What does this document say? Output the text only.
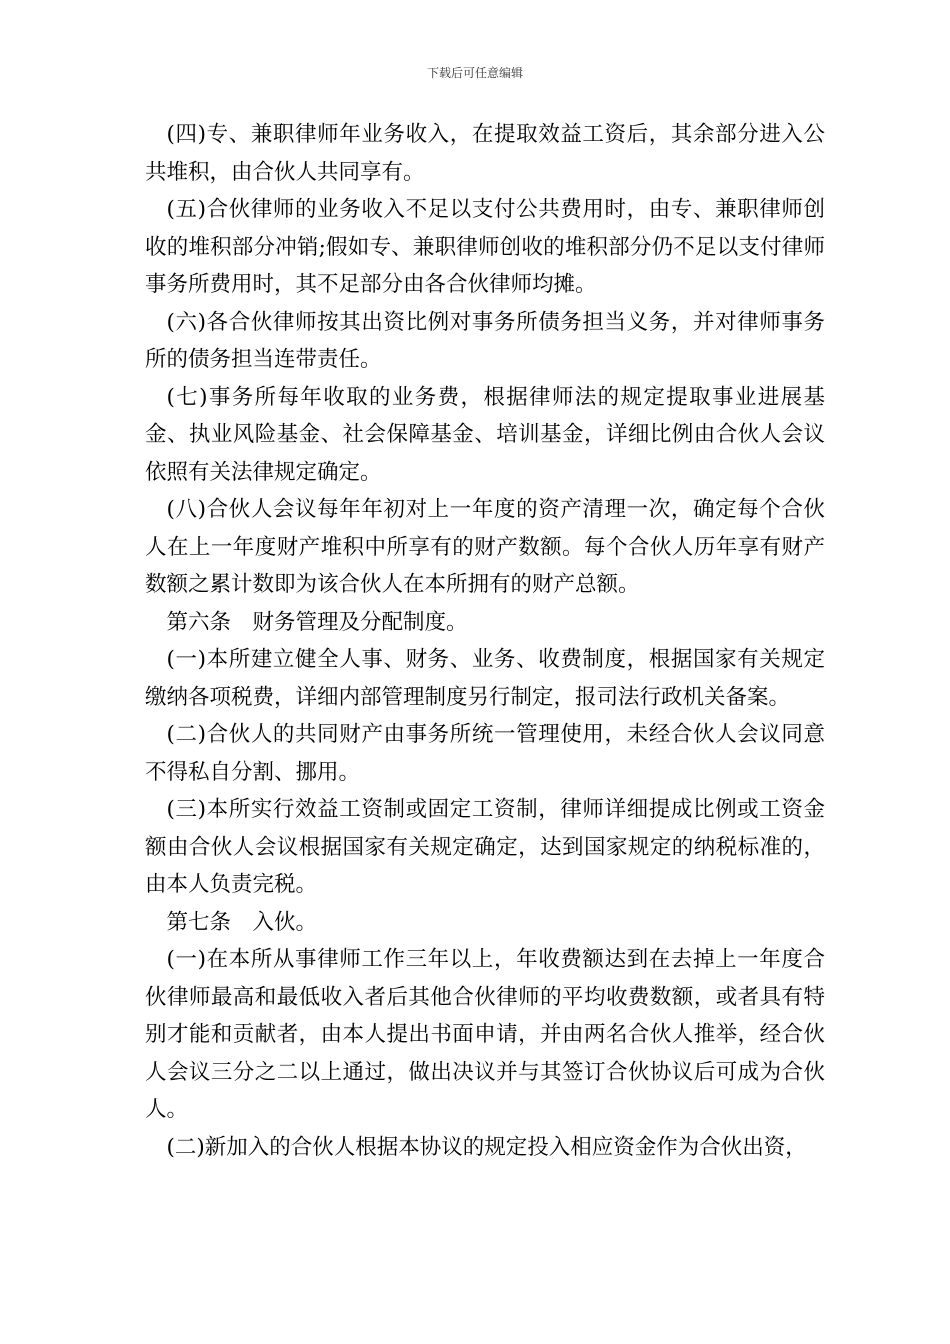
下载后可任意编辑

(四)专、兼职律师年业务收入，在提取效益工资后，其余部分进入公共堆积，由合伙人共同享有。

(五)合伙律师的业务收入不足以支付公共费用时，由专、兼职律师创收的堆积部分冲销;假如专、兼职律师创收的堆积部分仍不足以支付律师事务所费用时，其不足部分由各合伙律师均摊。

(六)各合伙律师按其出资比例对事务所债务担当义务，并对律师事务所的债务担当连带责任。

(七)事务所每年收取的业务费，根据律师法的规定提取事业进展基金、执业风险基金、社会保障基金、培训基金，详细比例由合伙人会议依照有关法律规定确定。

(八)合伙人会议每年年初对上一年度的资产清理一次，确定每个合伙人在上一年度财产堆积中所享有的财产数额。每个合伙人历年享有财产数额之累计数即为该合伙人在本所拥有的财产总额。

第六条　财务管理及分配制度。

(一)本所建立健全人事、财务、业务、收费制度，根据国家有关规定缴纳各项税费，详细内部管理制度另行制定，报司法行政机关备案。

(二)合伙人的共同财产由事务所统一管理使用，未经合伙人会议同意不得私自分割、挪用。

(三)本所实行效益工资制或固定工资制，律师详细提成比例或工资金额由合伙人会议根据国家有关规定确定，达到国家规定的纳税标准的，由本人负责完税。

第七条　入伙。

(一)在本所从事律师工作三年以上，年收费额达到在去掉上一年度合伙律师最高和最低收入者后其他合伙律师的平均收费数额，或者具有特别才能和贡献者，由本人提出书面申请，并由两名合伙人推举，经合伙人会议三分之二以上通过，做出决议并与其签订合伙协议后可成为合伙人。

(二)新加入的合伙人根据本协议的规定投入相应资金作为合伙出资，
